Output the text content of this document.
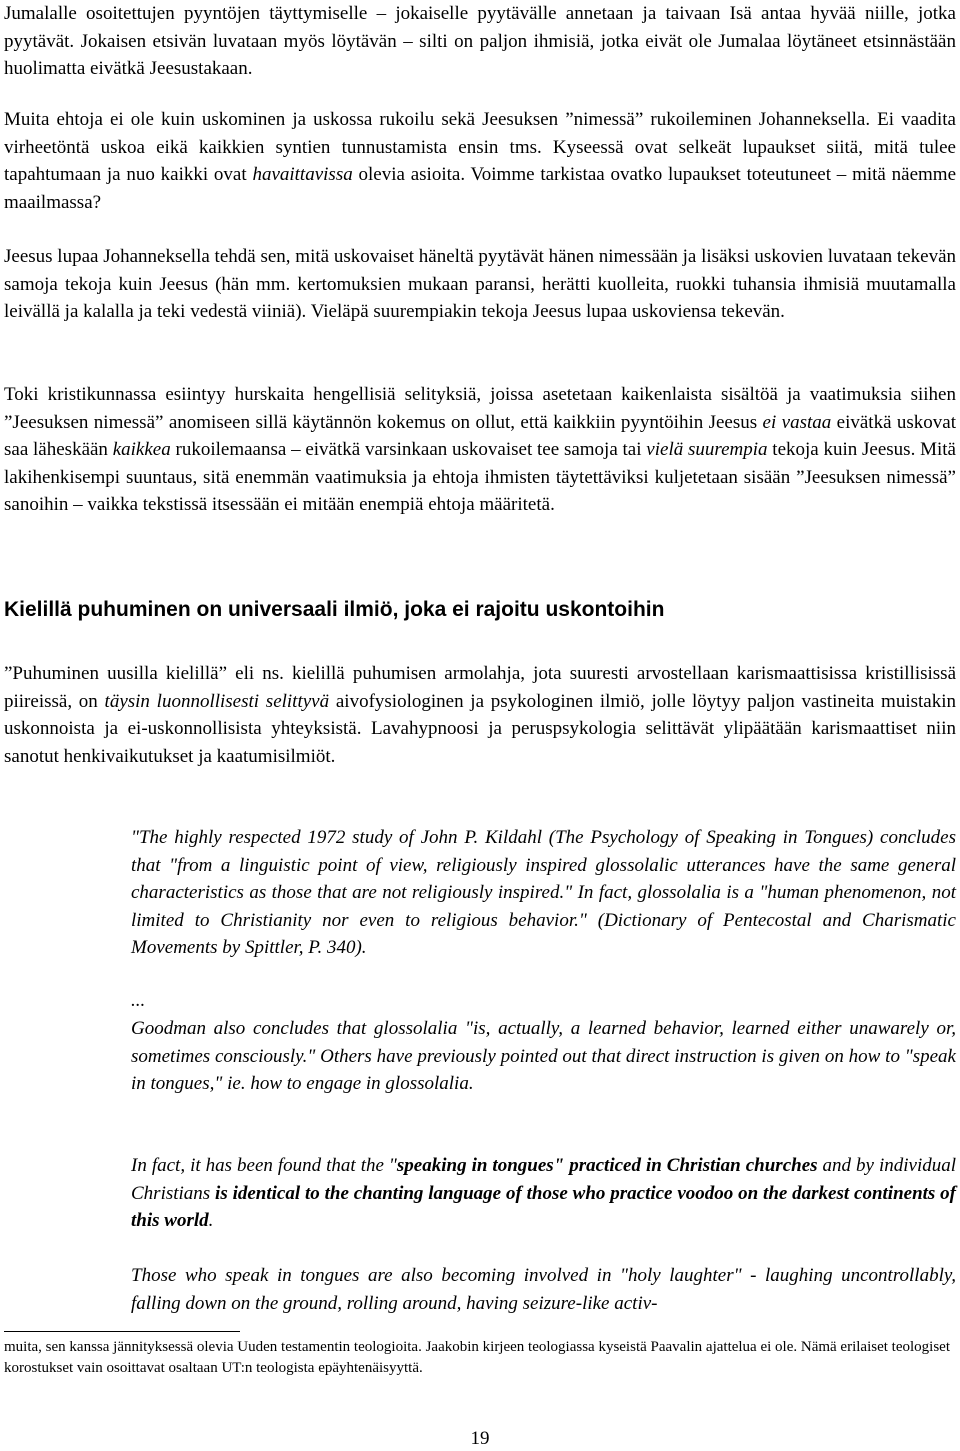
Jumalalle osoitettujen pyyntöjen täyttymiselle – jokaiselle pyytävälle annetaan ja taivaan Isä antaa hyvää niille, jotka pyytävät. Jokaisen etsivän luvataan myös löytävän – silti on paljon ihmisiä, jotka eivät ole Jumalaa löytäneet etsinnästään huolimatta eivätkä Jeesustakaan.

Muita ehtoja ei ole kuin uskominen ja uskossa rukoilu sekä Jeesuksen ”nimessä” rukoileminen Johanneksella. Ei vaadita virheetöntä uskoa eikä kaikkien syntien tunnustamista ensin tms. Kyseessä ovat selkeät lupaukset siitä, mitä tulee tapahtumaan ja nuo kaikki ovat havaittavissa olevia asioita. Voimme tarkistaa ovatko lupaukset toteutuneet – mitä näemme maailmassa?

Jeesus lupaa Johanneksella tehdä sen, mitä uskovaiset häneltä pyytävät hänen nimessään ja lisäksi uskovien luvataan tekevän samoja tekoja kuin Jeesus (hän mm. kertomuksien mukaan paransi, herätti kuolleita, ruokki tuhansia ihmisiä muutamalla leivällä ja kalalla ja teki vedestä viiniä). Vieläpä suurempiakin tekoja Jeesus lupaa uskoviensa tekevän.

Toki kristikunnassa esiintyy hurskaita hengellisiä selityksiä, joissa asetetaan kaikenlaista sisältöä ja vaatimuksia siihen ”Jeesuksen nimessä” anomiseen sillä käytännön kokemus on ollut, että kaikkiin pyyntöihin Jeesus ei vastaa eivätkä uskovat saa läheskään kaikkea rukoilemaansa – eivätkä varsinkaan uskovaiset tee samoja tai vielä suurempia tekoja kuin Jeesus. Mitä lakihenkisempi suuntaus, sitä enemmän vaatimuksia ja ehtoja ihmisten täytettäviksi kuljetetaan sisään ”Jeesuksen nimessä” sanoihin – vaikka tekstissä itsessään ei mitään enempiä ehtoja määritetä.

Kielillä puhuminen on universaali ilmiö, joka ei rajoitu uskontoihin

”Puhuminen uusilla kielillä” eli ns. kielillä puhumisen armolahja, jota suuresti arvostellaan karismaattisissa kristillisissä piireissä, on täysin luonnollisesti selittyvä aivofysiologinen ja psykologinen ilmiö, jolle löytyy paljon vastineita muistakin uskonnoista ja ei-uskonnollisista yhteyksistä. Lavahypnoosi ja peruspsykologia selittävät ylipäätään karismaattiset niin sanotut henkivaikutukset ja kaatumisilmiöt.

"The highly respected 1972 study of John P. Kildahl (The Psychology of Speaking in Tongues) concludes that "from a linguistic point of view, religiously inspired glossolalic utterances have the same general characteristics as those that are not religiously inspired." In fact, glossolalia is a "human phenomenon, not limited to Christianity nor even to religious behavior." (Dictionary of Pentecostal and Charismatic Movements by Spittler, P. 340).

...

Goodman also concludes that glossolalia "is, actually, a learned behavior, learned either unawarely or, sometimes consciously." Others have previously pointed out that direct instruction is given on how to "speak in tongues," ie. how to engage in glossolalia.

In fact, it has been found that the "speaking in tongues" practiced in Christian churches and by individual Christians is identical to the chanting language of those who practice voodoo on the darkest continents of this world.

Those who speak in tongues are also becoming involved in "holy laughter" - laughing uncontrollably, falling down on the ground, rolling around, having seizure-like activ-

muita, sen kanssa jännityksessä olevia Uuden testamentin teologioita. Jaakobin kirjeen teologiassa kyseistä Paavalin ajattelua ei ole. Nämä erilaiset teologiset korostukset vain osoittavat osaltaan UT:n teologista epäyhtenäisyyttä.

19
